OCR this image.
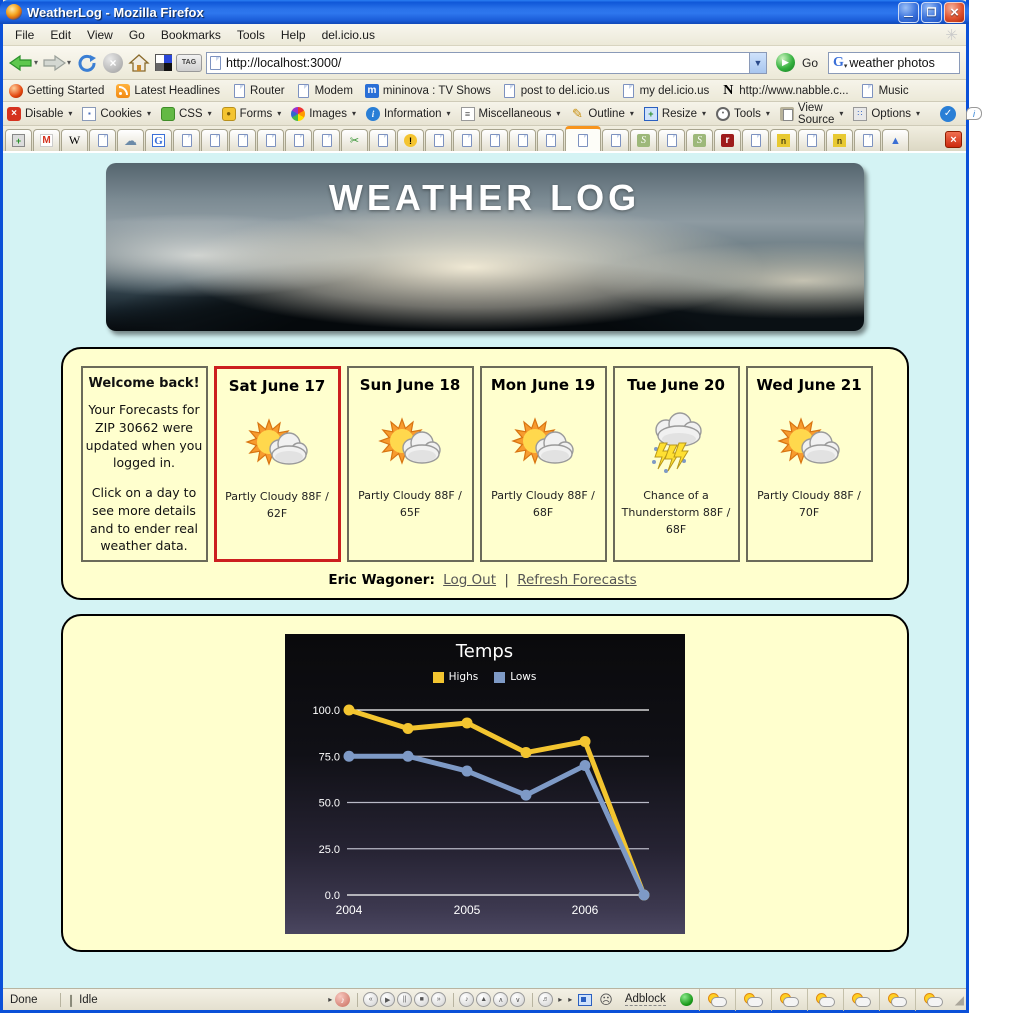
WeatherLog - Mozilla Firefox
—
❐
×
File	Edit	View	Go	Bookmarks	Tools	Help	del.icio.us	✳
▾	▾	×	TAG
http://localhost:3000/	▼	▶	Go G ▾
weather photos
Getting Started	Latest Headlines	Router	Modem m mininova : TV Shows	post to del.icio.us	my del.icio.us N http://www.nabble.c...	Music
× Disable
▾	▪ Cookies
▾	CSS
▾	● Forms
▾	Images
▾	i Information
▾	≡ Miscellaneous
▾ ✎ Outline
▾	+ Resize
▾	• Tools
▾	View Source
▾	∷ Options
▾	✓	i
+	M W	☁ G	✂	!	S	S	r	n	n	▲	×
WEATHER LOG
Welcome back!

Your Forecasts for ZIP 30662 were updated when you logged in.

Click on a day to see more details and to ender real weather data.

Sat June 17
Partly Cloudy 88F / 62F
Sun June 18
Partly Cloudy 88F / 65F
Mon June 19
Partly Cloudy 88F / 68F
Tue June 20
Chance of a Thunderstorm 88F / 68F
Wed June 21
Partly Cloudy 88F / 70F
Eric Wagoner: Log Out | Refresh Forecasts
Temps
Highs	Lows
100.0
75.0
50.0
25.0
0.0
2004	2005	2006
Done	❙ Idle	▸ ♪	«	▶	||	■	»	♪	▲	∧	∨	♬	▸ ▸ ☹ Adblock	◢
